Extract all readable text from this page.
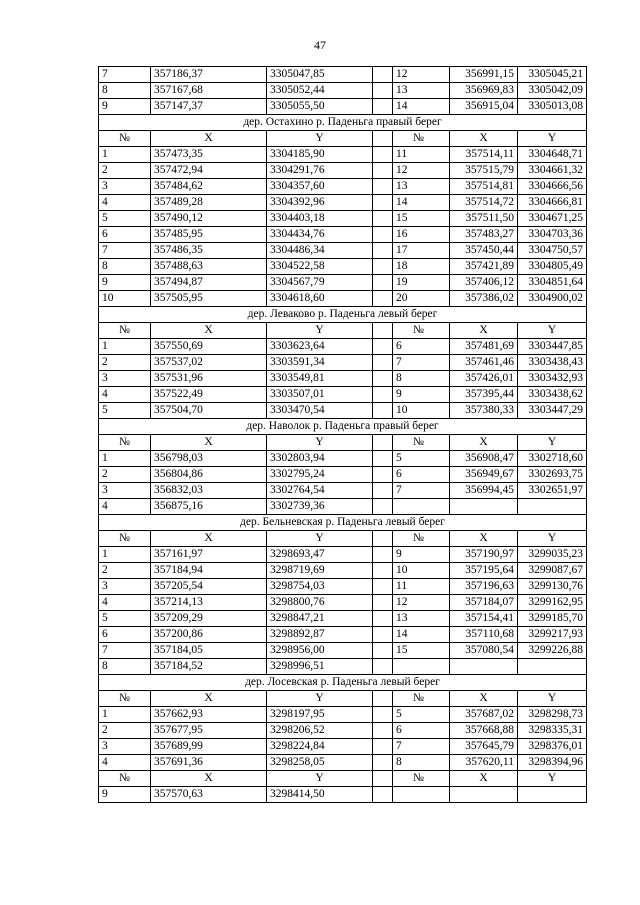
47
7	357186,37	3305047,85		12	356991,15	3305045,21
8	357167,68	3305052,44		13	356969,83	3305042,09
9	357147,37	3305055,50		14	356915,04	3305013,08
дер. Остахино р. Паденьга правый берег						
№	X	Y		№	X	Y
1	357473,35	3304185,90		11	357514,11	3304648,71
2	357472,94	3304291,76		12	357515,79	3304661,32
3	357484,62	3304357,60		13	357514,81	3304666,56
4	357489,28	3304392,96		14	357514,72	3304666,81
5	357490,12	3304403,18		15	357511,50	3304671,25
6	357485,95	3304434,76		16	357483,27	3304703,36
7	357486,35	3304486,34		17	357450,44	3304750,57
8	357488,63	3304522,58		18	357421,89	3304805,49
9	357494,87	3304567,79		19	357406,12	3304851,64
10	357505,95	3304618,60		20	357386,02	3304900,02
дер. Леваково р. Паденьга левый берег						
№	X	Y		№	X	Y
1	357550,69	3303623,64		6	357481,69	3303447,85
2	357537,02	3303591,34		7	357461,46	3303438,43
3	357531,96	3303549,81		8	357426,01	3303432,93
4	357522,49	3303507,01		9	357395,44	3303438,62
5	357504,70	3303470,54		10	357380,33	3303447,29
дер. Наволок р. Паденьга правый берег						
№	X	Y		№	X	Y
1	356798,03	3302803,94		5	356908,47	3302718,60
2	356804,86	3302795,24		6	356949,67	3302693,75
3	356832,03	3302764,54		7	356994,45	3302651,97
4	356875,16	3302739,36				
дер. Бельневская р. Паденьга левый берег						
№	X	Y		№	X	Y
1	357161,97	3298693,47		9	357190,97	3299035,23
2	357184,94	3298719,69		10	357195,64	3299087,67
3	357205,54	3298754,03		11	357196,63	3299130,76
4	357214,13	3298800,76		12	357184,07	3299162,95
5	357209,29	3298847,21		13	357154,41	3299185,70
6	357200,86	3298892,87		14	357110,68	3299217,93
7	357184,05	3298956,00		15	357080,54	3299226,88
8	357184,52	3298996,51				
дер. Лосевская р. Паденьга левый берег						
№	X	Y		№	X	Y
1	357662,93	3298197,95		5	357687,02	3298298,73
2	357677,95	3298206,52		6	357668,88	3298335,31
3	357689,99	3298224,84		7	357645,79	3298376,01
4	357691,36	3298258,05		8	357620,11	3298394,96
№	X	Y		№	X	Y
9	357570,63	3298414,50				
